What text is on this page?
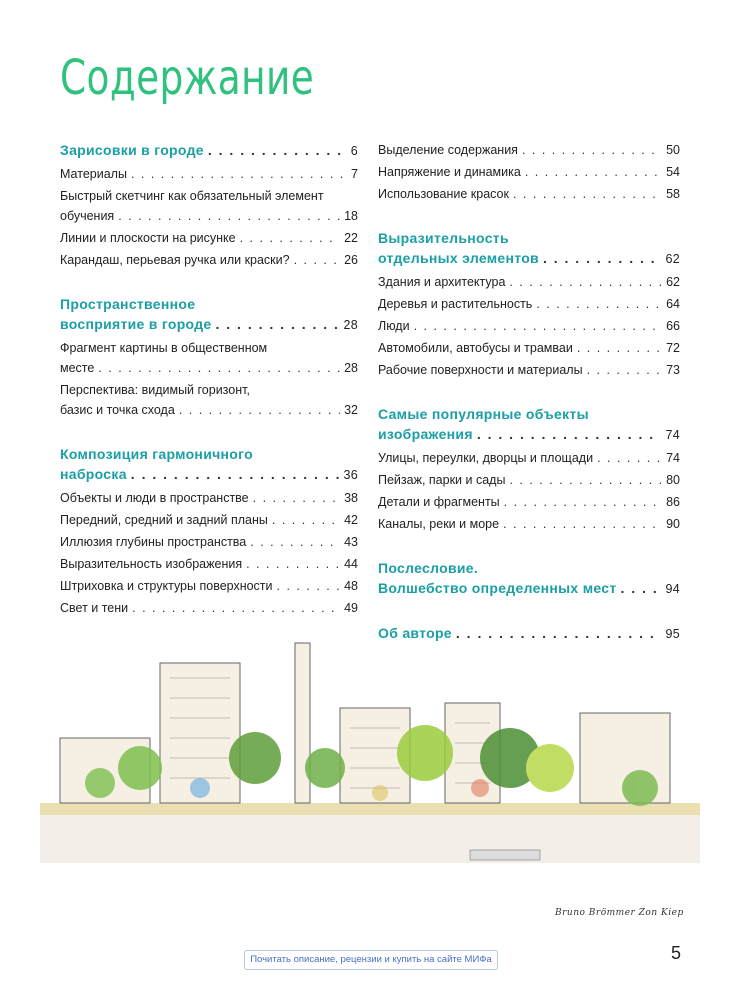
Содержание
Зарисовки в городе . . .	6
Материалы . . .	7
Быстрый скетчинг как обязательный элемент
обучения . . .	18
Линии и плоскости на рисунке . . .	22
Карандаш, перьевая ручка или краски? . . .	26
Пространственное
восприятие в городе . . .	28
Фрагмент картины в общественном
месте . . .	28
Перспектива: видимый горизонт,
базис и точка схода . . .	32
Композиция гармоничного
наброска . . .	36
Объекты и люди в пространстве . . .	38
Передний, средний и задний планы . . .	42
Иллюзия глубины пространства . . .	43
Выразительность изображения . . .	44
Штриховка и структуры поверхности . . .	48
Свет и тени . . .	49
Выделение содержания . . .	50
Напряжение и динамика . . .	54
Использование красок . . .	58
Выразительность
отдельных элементов . . .	62
Здания и архитектура . . .	62
Деревья и растительность . . .	64
Люди . . .	66
Автомобили, автобусы и трамваи . . .	72
Рабочие поверхности и материалы . . .	73
Самые популярные объекты
изображения . . .	74
Улицы, переулки, дворцы и площади . . .	74
Пейзаж, парки и сады . . .	80
Детали и фрагменты . . .	86
Каналы, реки и море . . .	90
Послесловие.
Волшебство определенных мест . . .	94
Об авторе . . .	95
Bruno Brömmer Zon Kiep
Почитать описание, рецензии и купить на сайте МИФа	5
